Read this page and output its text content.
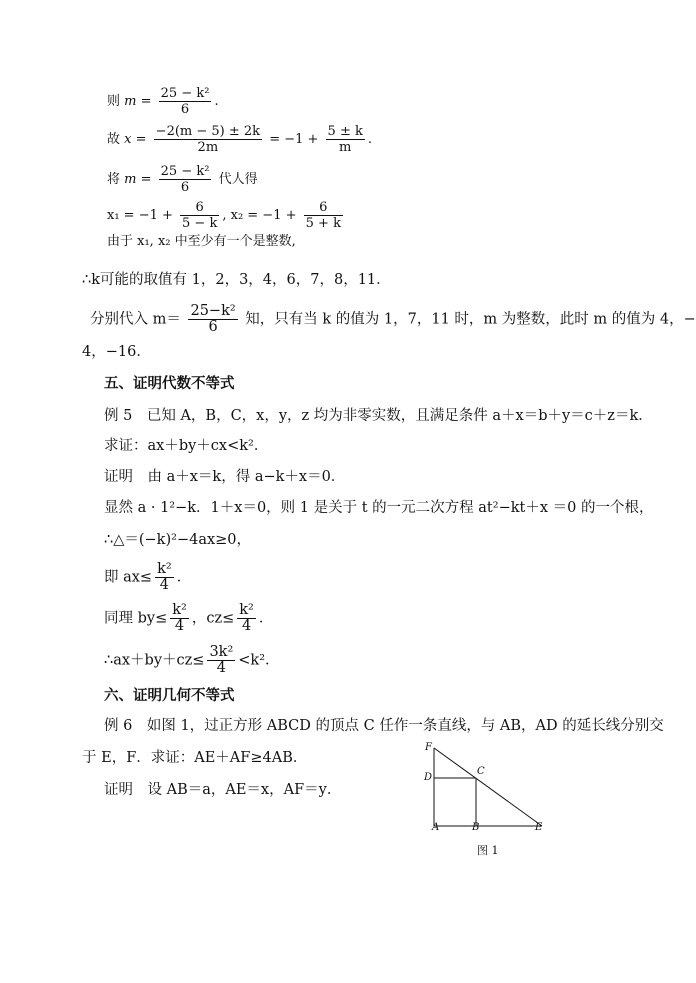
则 $m = \frac{\text{25 − k²}}{6}$ .
故 $x = \frac{-2(m - 5) \pm 2k}{2m} = -1 + \frac{5 \pm k}{m}$ .
将 $m = \frac{\text{25 − k²}}{6}$ 代人得
$x_1 = -1 + \frac{6}{5 - k}$ , $x_2 = -1 + \frac{6}{5 + k}$
由于 x₁, x₂ 中至少有一个是整数,
∴k可能的取值有 1，2，3，4，6，7，8，11．
分别代入 $m= \frac{\text{25−k²}}{6}$ 知，只有当 k 的值为 1，7，11 时，m 为整数，此时 m 的值为 4，−
4，−16．
五、证明代数不等式
例 5　已知 A，B，C，x，y，z 均为非零实数，且满足条件 a＋x＝b＋y＝c＋z＝k．
求证：ax＋by＋cx<k²．
证明　由 a＋x＝k，得 a−k＋x＝0．
显然 a · 1²−k．1＋x＝0，则 1 是关于 t 的一元二次方程 at²−kt＋x ＝0 的一个根，
∴△＝(−k)²−4ax≥0，
即 $ax\le \frac{\text{k²}}{4}$ ．
同理 $by\le \frac{\text{k²}}{4}$ ，$cz\le \frac{\text{k²}}{4}$ ．
∴ax＋by＋cz≤ $\frac{\text{3k²}}{4} <k^2$．
六、证明几何不等式
例 6　如图 1，过正方形 ABCD 的顶点 C 任作一条直线，与 AB，AD 的延长线分别交
于 E，F．求证：AE＋AF≥4AB．
证明　设 AB＝a，AE＝x，AF＝y．
F
D
C
A	B	E
图 1
